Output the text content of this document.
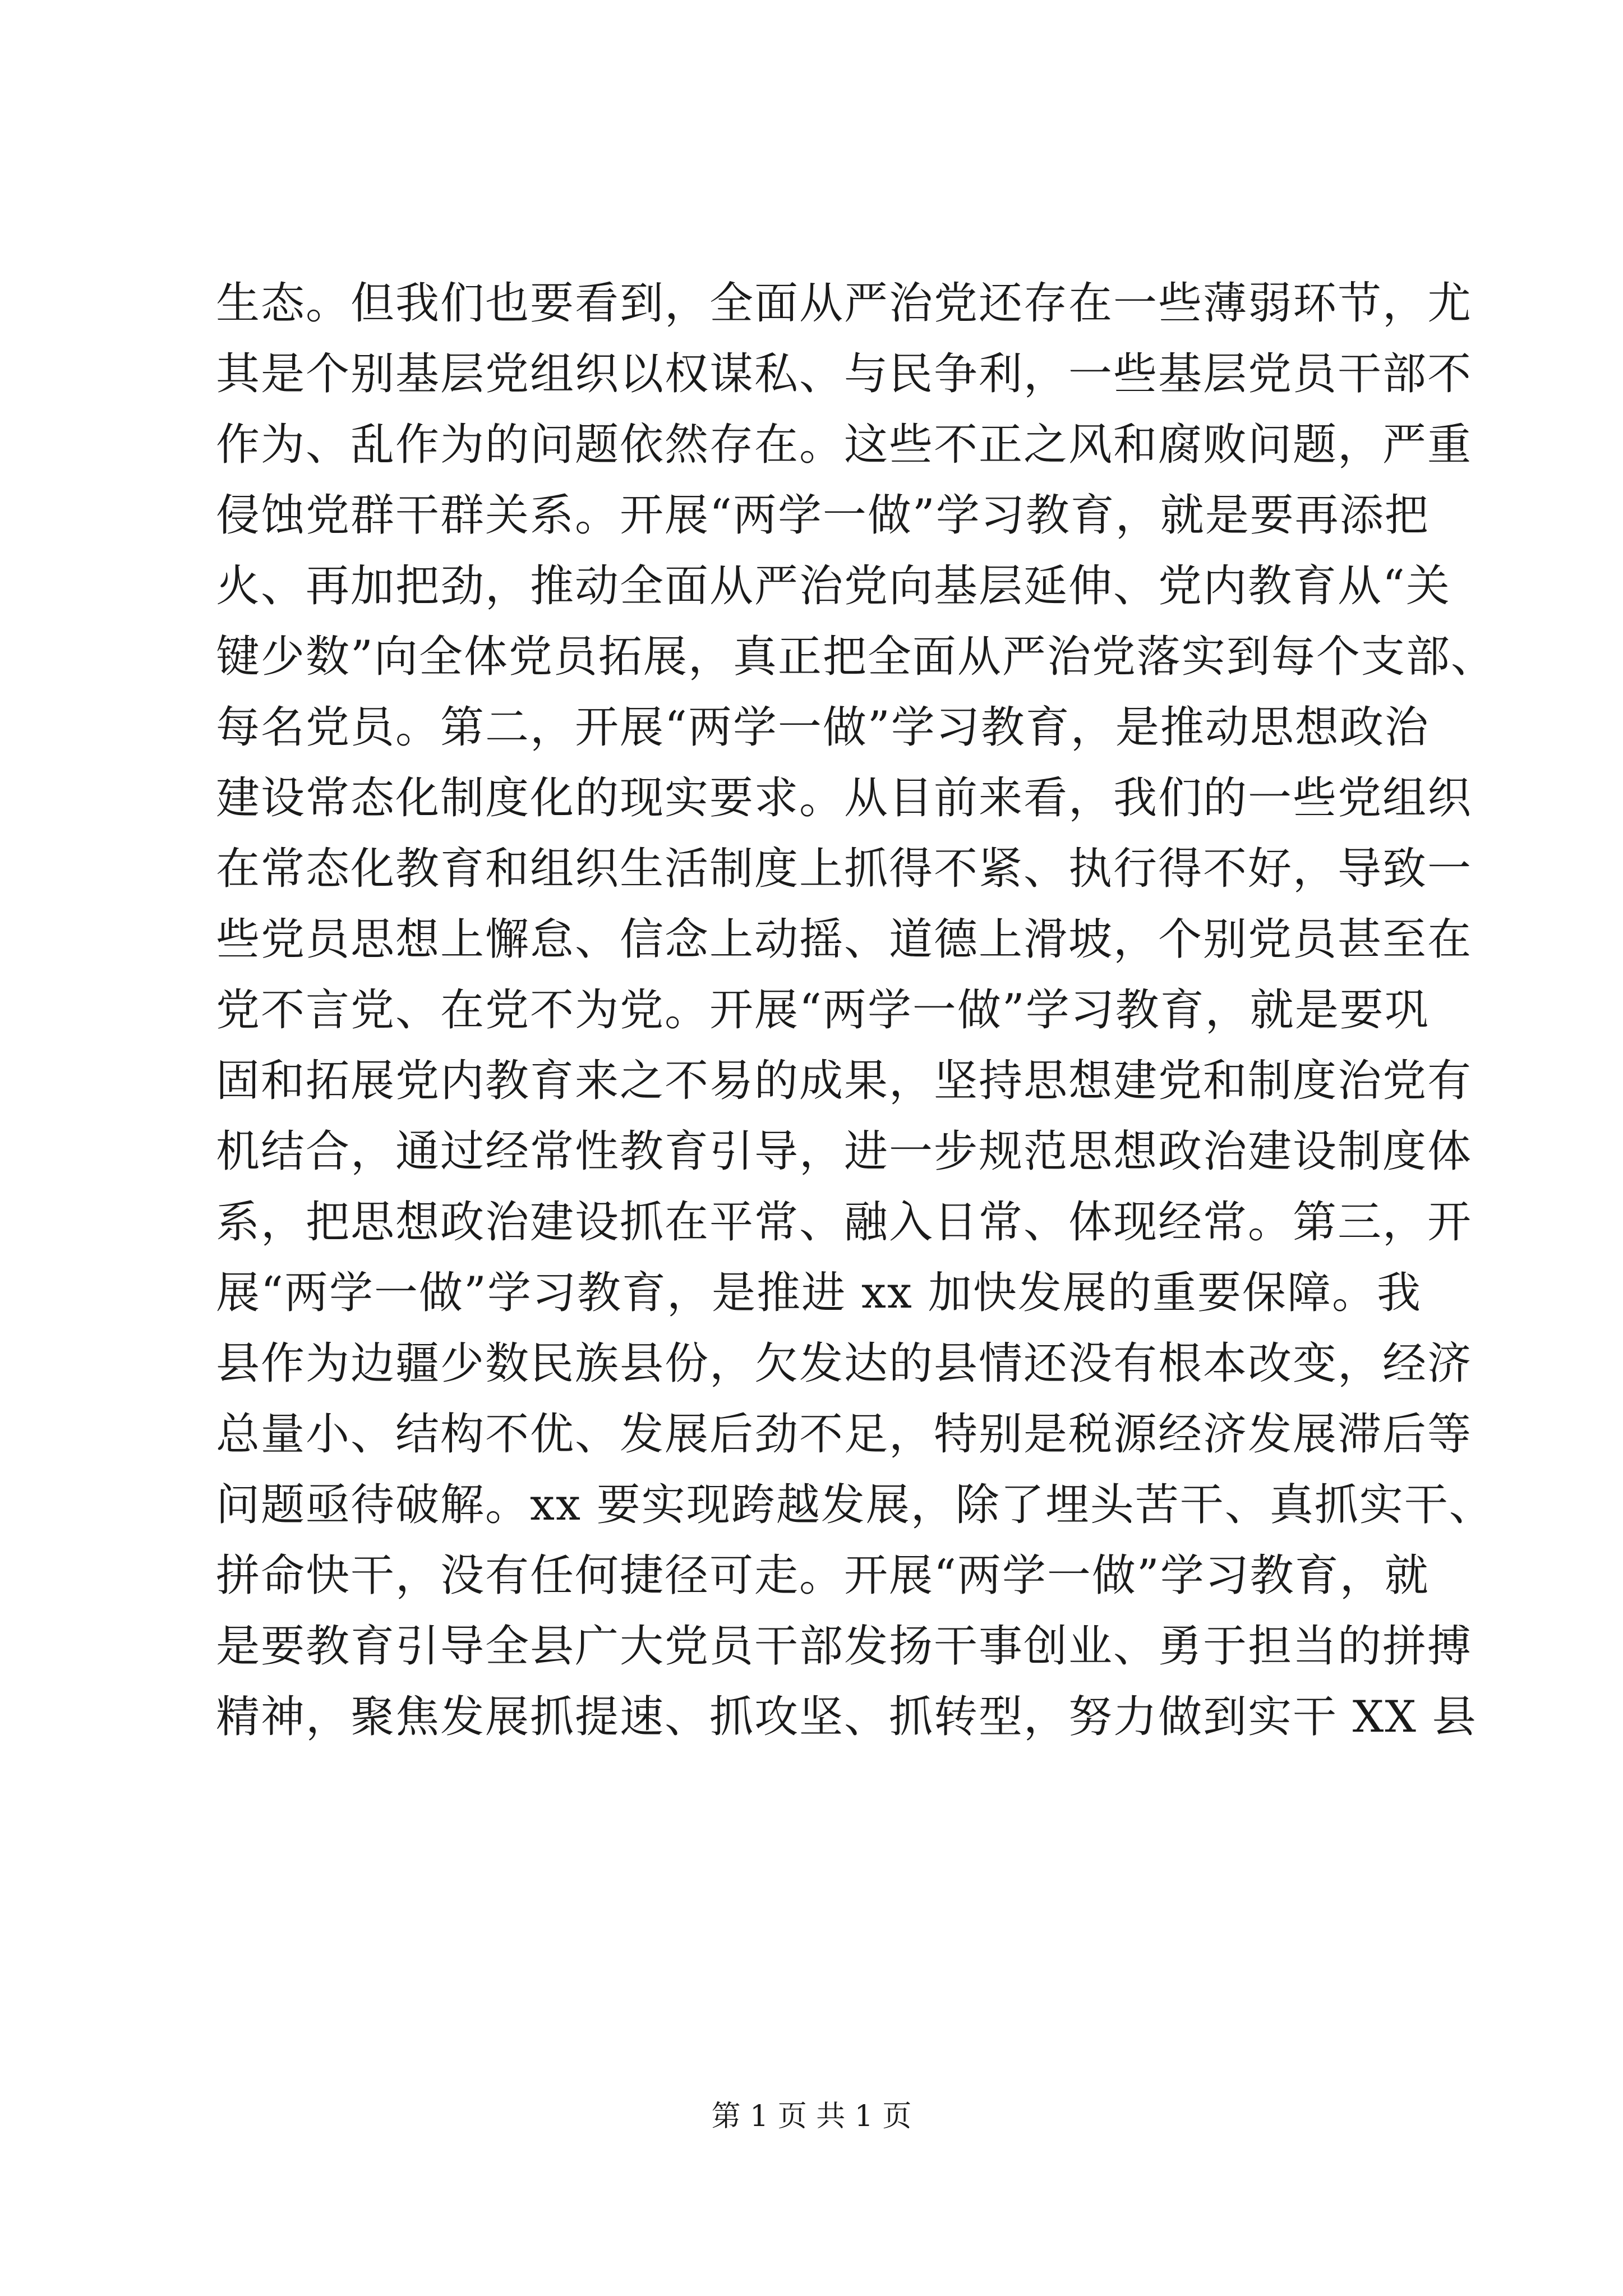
生态。但我们也要看到，全面从严治党还存在一些薄弱环节，尤
其是个别基层党组织以权谋私、与民争利，一些基层党员干部不
作为、乱作为的问题依然存在。这些不正之风和腐败问题，严重
侵蚀党群干群关系。开展“两学一做”学习教育，就是要再添把
火、再加把劲，推动全面从严治党向基层延伸、党内教育从“关
键少数”向全体党员拓展，真正把全面从严治党落实到每个支部、
每名党员。第二，开展“两学一做”学习教育，是推动思想政治
建设常态化制度化的现实要求。从目前来看，我们的一些党组织
在常态化教育和组织生活制度上抓得不紧、执行得不好，导致一
些党员思想上懈怠、信念上动摇、道德上滑坡，个别党员甚至在
党不言党、在党不为党。开展“两学一做”学习教育，就是要巩
固和拓展党内教育来之不易的成果，坚持思想建党和制度治党有
机结合，通过经常性教育引导，进一步规范思想政治建设制度体
系，把思想政治建设抓在平常、融入日常、体现经常。第三，开
展“两学一做”学习教育，是推进 xx 加快发展的重要保障。我
县作为边疆少数民族县份，欠发达的县情还没有根本改变，经济
总量小、结构不优、发展后劲不足，特别是税源经济发展滞后等
问题亟待破解。xx 要实现跨越发展，除了埋头苦干、真抓实干、
拼命快干，没有任何捷径可走。开展“两学一做”学习教育，就
是要教育引导全县广大党员干部发扬干事创业、勇于担当的拼搏
精神，聚焦发展抓提速、抓攻坚、抓转型，努力做到实干 XX 县
第 1 页 共 1 页
